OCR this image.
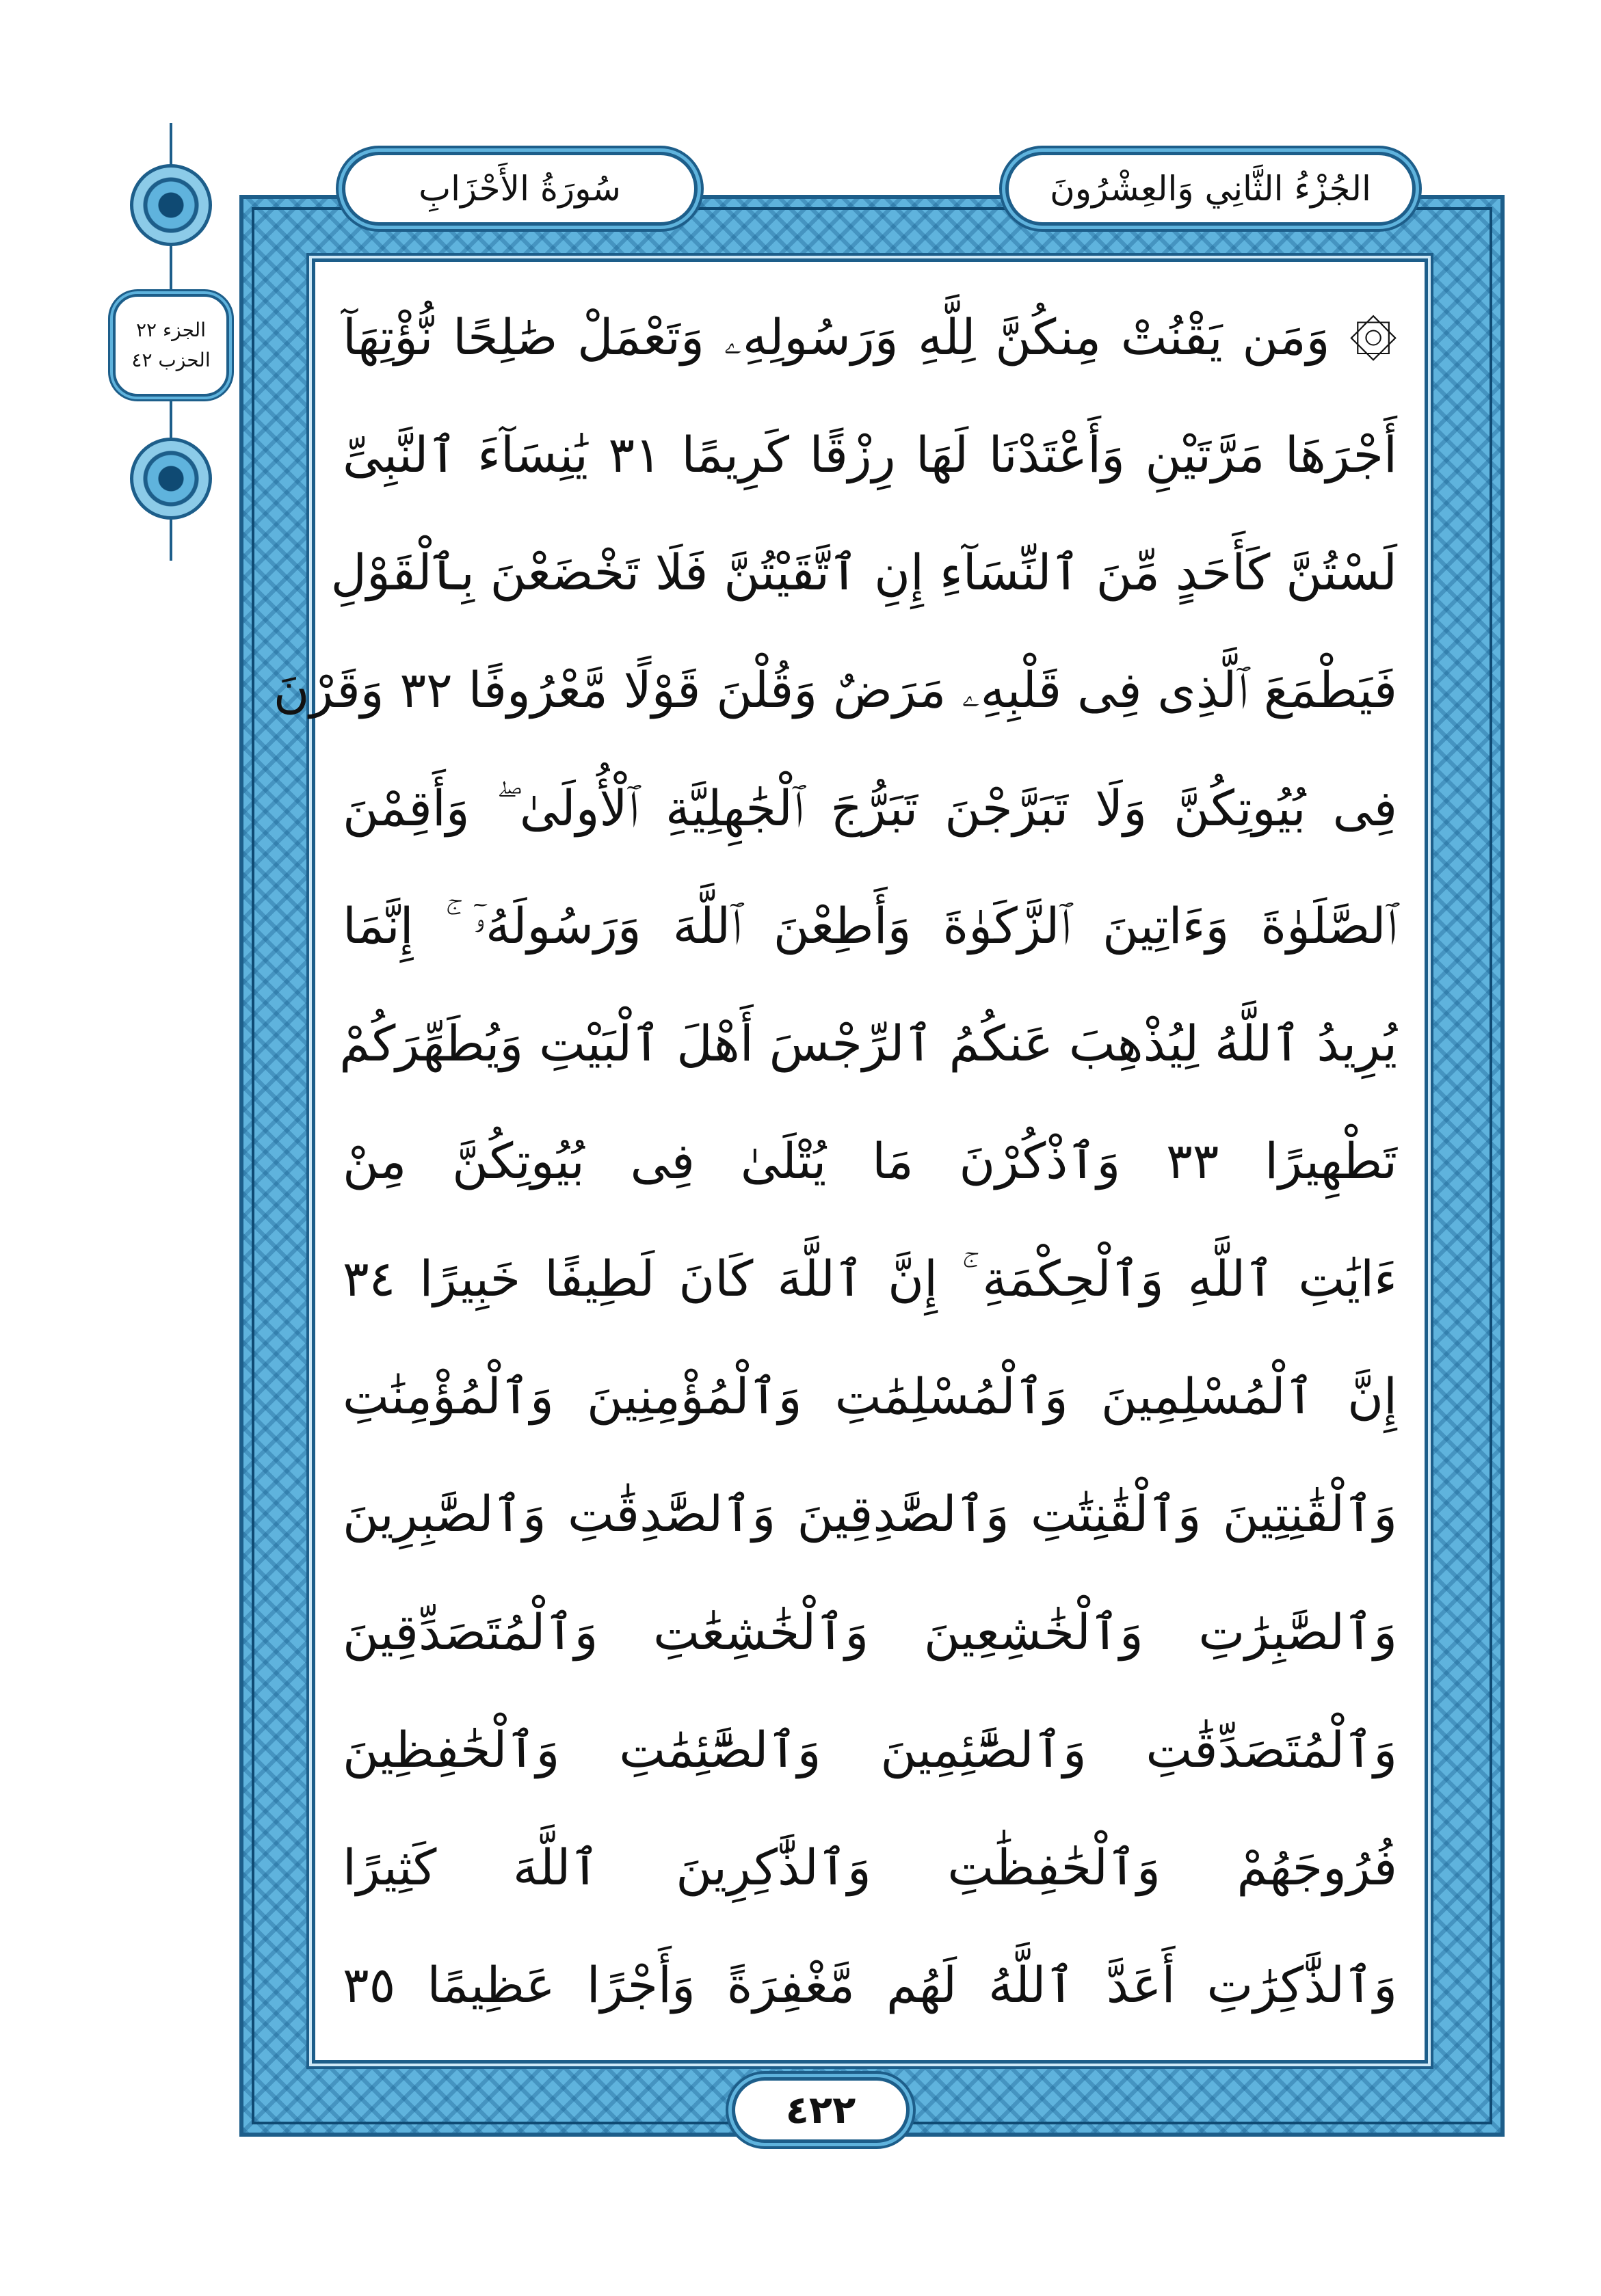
سُورَةُ الأَحْزَابِ	الجُزْءُ الثَّانِي وَالعِشْرُونَ
الجزء ٢٢
الحزب ٤٢	۞ وَمَن يَقْنُتْ مِنكُنَّ لِلَّهِ وَرَسُولِهِۦ وَتَعْمَلْ صَٰلِحًا نُّؤْتِهَآ
أَجْرَهَا مَرَّتَيْنِ وَأَعْتَدْنَا لَهَا رِزْقًا كَرِيمًا ٣١ يَٰنِسَآءَ ٱلنَّبِىِّ
لَسْتُنَّ كَأَحَدٍ مِّنَ ٱلنِّسَآءِ إِنِ ٱتَّقَيْتُنَّ فَلَا تَخْضَعْنَ بِٱلْقَوْلِ
فَيَطْمَعَ ٱلَّذِى فِى قَلْبِهِۦ مَرَضٌ وَقُلْنَ قَوْلًا مَّعْرُوفًا ٣٢ وَقَرْنَ
فِى بُيُوتِكُنَّ وَلَا تَبَرَّجْنَ تَبَرُّجَ ٱلْجَٰهِلِيَّةِ ٱلْأُولَىٰ ۖ وَأَقِمْنَ
ٱلصَّلَوٰةَ وَءَاتِينَ ٱلزَّكَوٰةَ وَأَطِعْنَ ٱللَّهَ وَرَسُولَهُۥٓ ۚ إِنَّمَا
يُرِيدُ ٱللَّهُ لِيُذْهِبَ عَنكُمُ ٱلرِّجْسَ أَهْلَ ٱلْبَيْتِ وَيُطَهِّرَكُمْ
تَطْهِيرًا ٣٣ وَٱذْكُرْنَ مَا يُتْلَىٰ فِى بُيُوتِكُنَّ مِنْ
ءَايَٰتِ ٱللَّهِ وَٱلْحِكْمَةِ ۚ إِنَّ ٱللَّهَ كَانَ لَطِيفًا خَبِيرًا ٣٤
إِنَّ ٱلْمُسْلِمِينَ وَٱلْمُسْلِمَٰتِ وَٱلْمُؤْمِنِينَ وَٱلْمُؤْمِنَٰتِ
وَٱلْقَٰنِتِينَ وَٱلْقَٰنِتَٰتِ وَٱلصَّٰدِقِينَ وَٱلصَّٰدِقَٰتِ وَٱلصَّٰبِرِينَ
وَٱلصَّٰبِرَٰتِ وَٱلْخَٰشِعِينَ وَٱلْخَٰشِعَٰتِ وَٱلْمُتَصَدِّقِينَ
وَٱلْمُتَصَدِّقَٰتِ وَٱلصَّٰٓئِمِينَ وَٱلصَّٰٓئِمَٰتِ وَٱلْحَٰفِظِينَ
فُرُوجَهُمْ وَٱلْحَٰفِظَٰتِ وَٱلذَّٰكِرِينَ ٱللَّهَ كَثِيرًا
وَٱلذَّٰكِرَٰتِ أَعَدَّ ٱللَّهُ لَهُم مَّغْفِرَةً وَأَجْرًا عَظِيمًا ٣٥
٤٢٢
